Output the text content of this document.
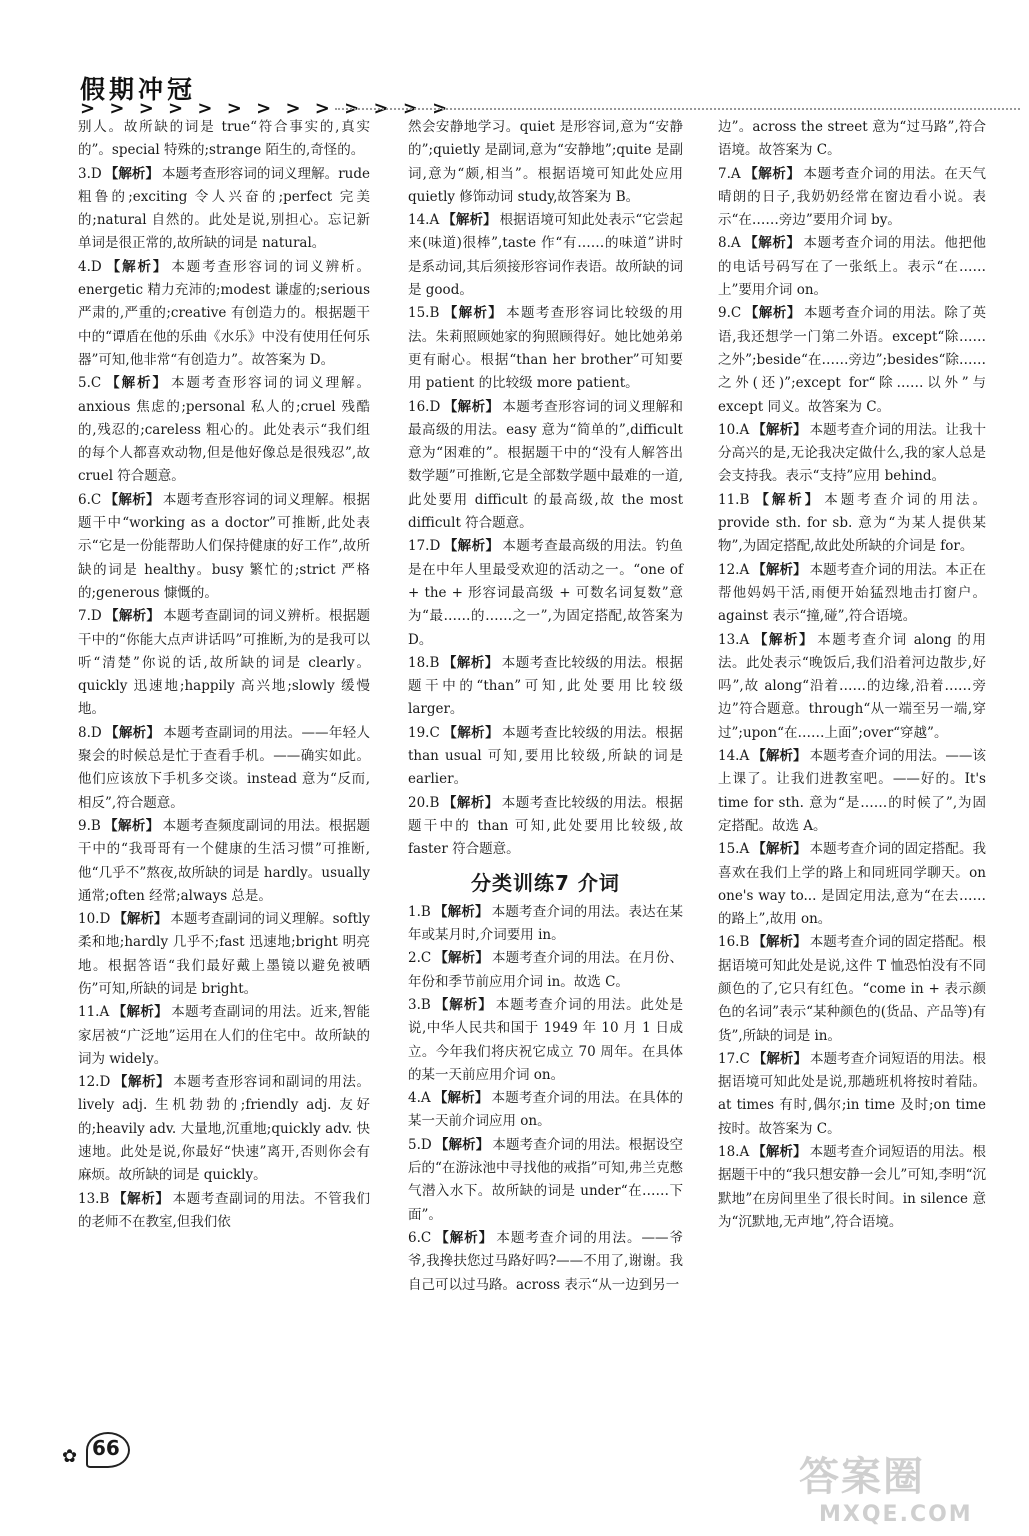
假期冲冠
> > > > > > > > > > > > >

别人。故所缺的词是 true“符合事实的,真实的”。special 特殊的;strange 陌生的,奇怪的。

3.D 【解析】 本题考查形容词的词义理解。rude 粗鲁的;exciting 令人兴奋的;perfect 完美的;natural 自然的。此处是说,别担心。忘记新单词是很正常的,故所缺的词是 natural。

4.D 【解析】 本题考查形容词的词义辨析。energetic 精力充沛的;modest 谦虚的;serious 严肃的,严重的;creative 有创造力的。根据题干中的“谭盾在他的乐曲《水乐》中没有使用任何乐器”可知,他非常“有创造力”。故答案为 D。

5.C 【解析】 本题考查形容词的词义理解。anxious 焦虑的;personal 私人的;cruel 残酷的,残忍的;careless 粗心的。此处表示“我们组的每个人都喜欢动物,但是他好像总是很残忍”,故 cruel 符合题意。

6.C 【解析】 本题考查形容词的词义理解。根据题干中“working as a doctor”可推断,此处表示“它是一份能帮助人们保持健康的好工作”,故所缺的词是 healthy。busy 繁忙的;strict 严格的;generous 慷慨的。

7.D 【解析】 本题考查副词的词义辨析。根据题干中的“你能大点声讲话吗”可推断,为的是我可以听“清楚”你说的话,故所缺的词是 clearly。quickly 迅速地;happily 高兴地;slowly 缓慢地。

8.D 【解析】 本题考查副词的用法。——年轻人聚会的时候总是忙于查看手机。——确实如此。他们应该放下手机多交谈。instead 意为“反而,相反”,符合题意。

9.B 【解析】 本题考查频度副词的用法。根据题干中的“我哥哥有一个健康的生活习惯”可推断,他“几乎不”熬夜,故所缺的词是 hardly。usually 通常;often 经常;always 总是。

10.D 【解析】 本题考查副词的词义理解。softly 柔和地;hardly 几乎不;fast 迅速地;bright 明亮地。根据答语“我们最好戴上墨镜以避免被晒伤”可知,所缺的词是 bright。

11.A 【解析】 本题考查副词的用法。近来,智能家居被“广泛地”运用在人们的住宅中。故所缺的词为 widely。

12.D 【解析】 本题考查形容词和副词的用法。lively adj. 生机勃勃的;friendly adj. 友好的;heavily adv. 大量地,沉重地;quickly adv. 快速地。此处是说,你最好“快速”离开,否则你会有麻烦。故所缺的词是 quickly。

13.B 【解析】 本题考查副词的用法。不管我们的老师不在教室,但我们依

然会安静地学习。quiet 是形容词,意为“安静的”;quietly 是副词,意为“安静地”;quite 是副词,意为“颇,相当”。根据语境可知此处应用 quietly 修饰动词 study,故答案为 B。

14.A 【解析】 根据语境可知此处表示“它尝起来(味道)很棒”,taste 作“有……的味道”讲时是系动词,其后须接形容词作表语。故所缺的词是 good。

15.B 【解析】 本题考查形容词比较级的用法。朱莉照顾她家的狗照顾得好。她比她弟弟更有耐心。根据“than her brother”可知要用 patient 的比较级 more patient。

16.D 【解析】 本题考查形容词的词义理解和最高级的用法。easy 意为“简单的”,difficult 意为“困难的”。根据题干中的“没有人解答出数学题”可推断,它是全部数学题中最难的一道,此处要用 difficult 的最高级,故 the most difficult 符合题意。

17.D 【解析】 本题考查最高级的用法。钓鱼是在中年人里最受欢迎的活动之一。“one of + the + 形容词最高级 + 可数名词复数”意为“最……的……之一”,为固定搭配,故答案为 D。

18.B 【解析】 本题考查比较级的用法。根据题干中的“than”可知,此处要用比较级 larger。

19.C 【解析】 本题考查比较级的用法。根据 than usual 可知,要用比较级,所缺的词是 earlier。

20.B 【解析】 本题考查比较级的用法。根据题干中的 than 可知,此处要用比较级,故 faster 符合题意。

分类训练7 介词

1.B 【解析】 本题考查介词的用法。表达在某年或某月时,介词要用 in。

2.C 【解析】 本题考查介词的用法。在月份、年份和季节前应用介词 in。故选 C。

3.B 【解析】 本题考查介词的用法。此处是说,中华人民共和国于 1949 年 10 月 1 日成立。今年我们将庆祝它成立 70 周年。在具体的某一天前应用介词 on。

4.A 【解析】 本题考查介词的用法。在具体的某一天前介词应用 on。

5.D 【解析】 本题考查介词的用法。根据设空后的“在游泳池中寻找他的戒指”可知,弗兰克憋气潜入水下。故所缺的词是 under“在……下面”。

6.C 【解析】 本题考查介词的用法。——爷爷,我搀扶您过马路好吗?——不用了,谢谢。我自己可以过马路。across 表示“从一边到另一

边”。across the street 意为“过马路”,符合语境。故答案为 C。

7.A 【解析】 本题考查介词的用法。在天气晴朗的日子,我奶奶经常在窗边看小说。表示“在……旁边”要用介词 by。

8.A 【解析】 本题考查介词的用法。他把他的电话号码写在了一张纸上。表示“在……上”要用介词 on。

9.C 【解析】 本题考查介词的用法。除了英语,我还想学一门第二外语。except“除……之外”;beside“在……旁边”;besides“除……之外(还)”;except for“除……以外”与 except 同义。故答案为 C。

10.A 【解析】 本题考查介词的用法。让我十分高兴的是,无论我决定做什么,我的家人总是会支持我。表示“支持”应用 behind。

11.B 【解析】 本题考查介词的用法。provide sth. for sb. 意为“为某人提供某物”,为固定搭配,故此处所缺的介词是 for。

12.A 【解析】 本题考查介词的用法。本正在帮他妈妈干活,雨便开始猛烈地击打窗户。against 表示“撞,碰”,符合语境。

13.A 【解析】 本题考查介词 along 的用法。此处表示“晚饭后,我们沿着河边散步,好吗”,故 along“沿着……的边缘,沿着……旁边”符合题意。through“从一端至另一端,穿过”;upon“在……上面”;over“穿越”。

14.A 【解析】 本题考查介词的用法。——该上课了。让我们进教室吧。——好的。It's time for sth. 意为“是……的时候了”,为固定搭配。故选 A。

15.A 【解析】 本题考查介词的固定搭配。我喜欢在我们上学的路上和同班同学聊天。on one's way to... 是固定用法,意为“在去……的路上”,故用 on。

16.B 【解析】 本题考查介词的固定搭配。根据语境可知此处是说,这件 T 恤恐怕没有不同颜色的了,它只有红色。“come in + 表示颜色的名词”表示“某种颜色的(货品、产品等)有货”,所缺的词是 in。

17.C 【解析】 本题考查介词短语的用法。根据语境可知此处是说,那趟班机将按时着陆。at times 有时,偶尔;in time 及时;on time 按时。故答案为 C。

18.A 【解析】 本题考查介词短语的用法。根据题干中的“我只想安静一会儿”可知,李明“沉默地”在房间里坐了很长时间。in silence 意为“沉默地,无声地”,符合语境。

✿ 66
答案圈
MXQE.COM
